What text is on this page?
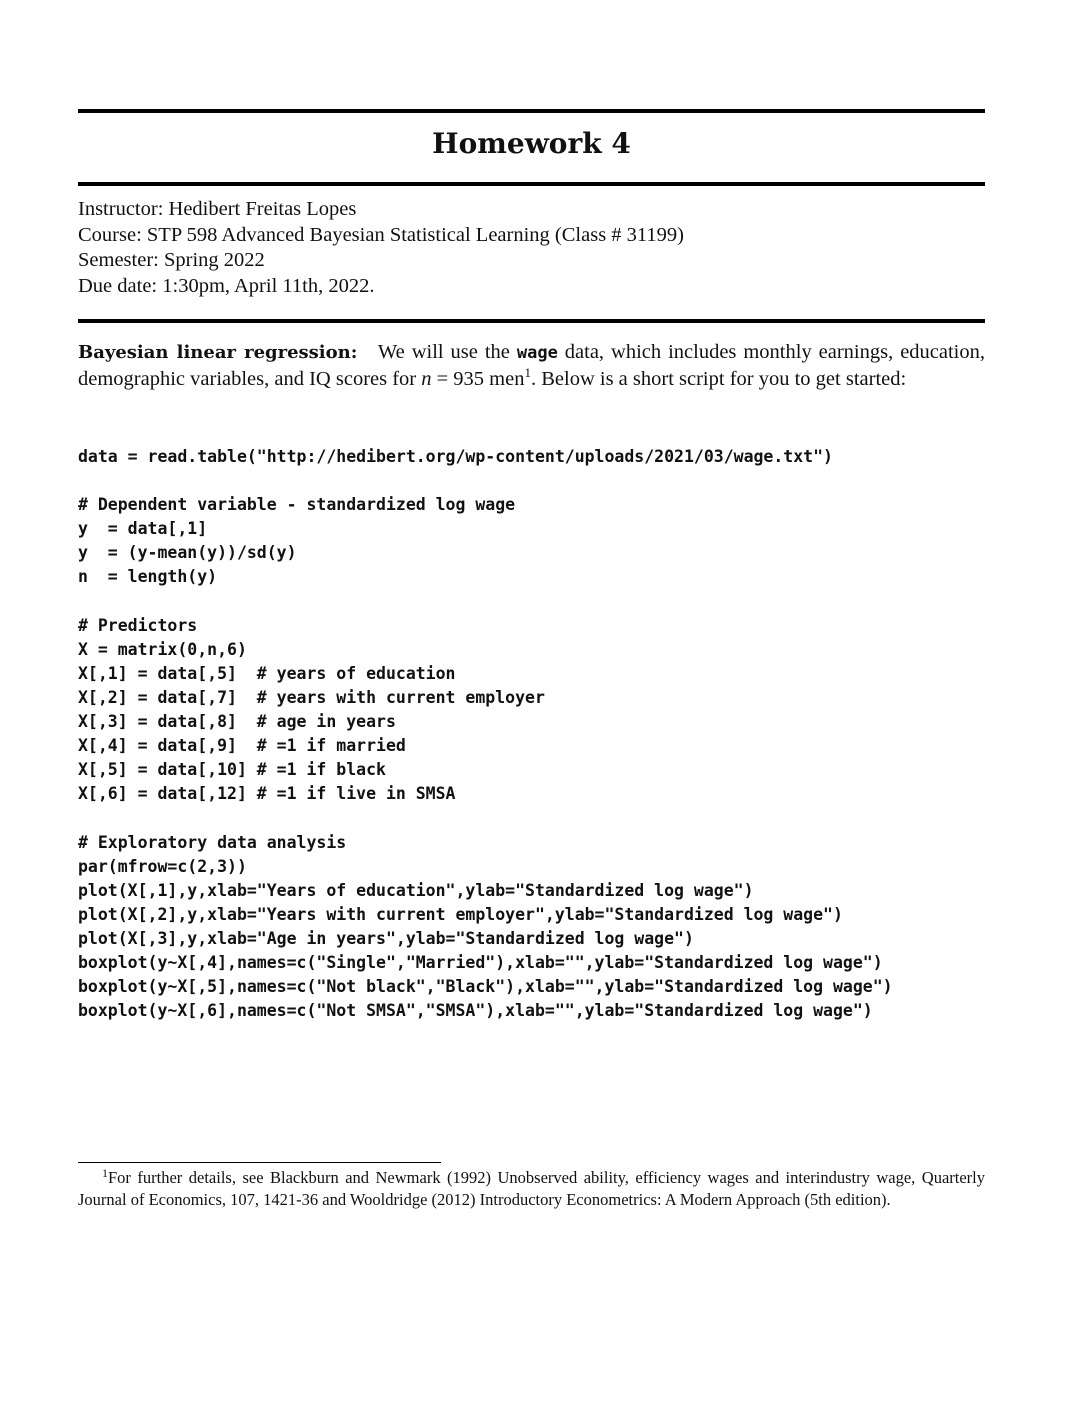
Homework 4
Instructor: Hedibert Freitas Lopes
Course: STP 598 Advanced Bayesian Statistical Learning (Class # 31199)
Semester: Spring 2022
Due date: 1:30pm, April 11th, 2022.
Bayesian linear regression: We will use the wage data, which includes monthly earnings, education, demographic variables, and IQ scores for n = 935 men$^1$. Below is a short script for you to get started:
data = read.table("http://hedibert.org/wp-content/uploads/2021/03/wage.txt")
# Dependent variable - standardized log wage
y  = data[,1]
y  = (y-mean(y))/sd(y)
n  = length(y)
# Predictors
X = matrix(0,n,6)
X[,1] = data[,5]  # years of education
X[,2] = data[,7]  # years with current employer
X[,3] = data[,8]  # age in years
X[,4] = data[,9]  # =1 if married
X[,5] = data[,10] # =1 if black
X[,6] = data[,12] # =1 if live in SMSA
# Exploratory data analysis
par(mfrow=c(2,3))
plot(X[,1],y,xlab="Years of education",ylab="Standardized log wage")
plot(X[,2],y,xlab="Years with current employer",ylab="Standardized log wage")
plot(X[,3],y,xlab="Age in years",ylab="Standardized log wage")
boxplot(y~X[,4],names=c("Single","Married"),xlab="",ylab="Standardized log wage")
boxplot(y~X[,5],names=c("Not black","Black"),xlab="",ylab="Standardized log wage")
boxplot(y~X[,6],names=c("Not SMSA","SMSA"),xlab="",ylab="Standardized log wage")
$^1$For further details, see Blackburn and Newmark (1992) Unobserved ability, efficiency wages and interindustry wage, Quarterly Journal of Economics, 107, 1421-36 and Wooldridge (2012) Introductory Econometrics: A Modern Approach (5th edition).
